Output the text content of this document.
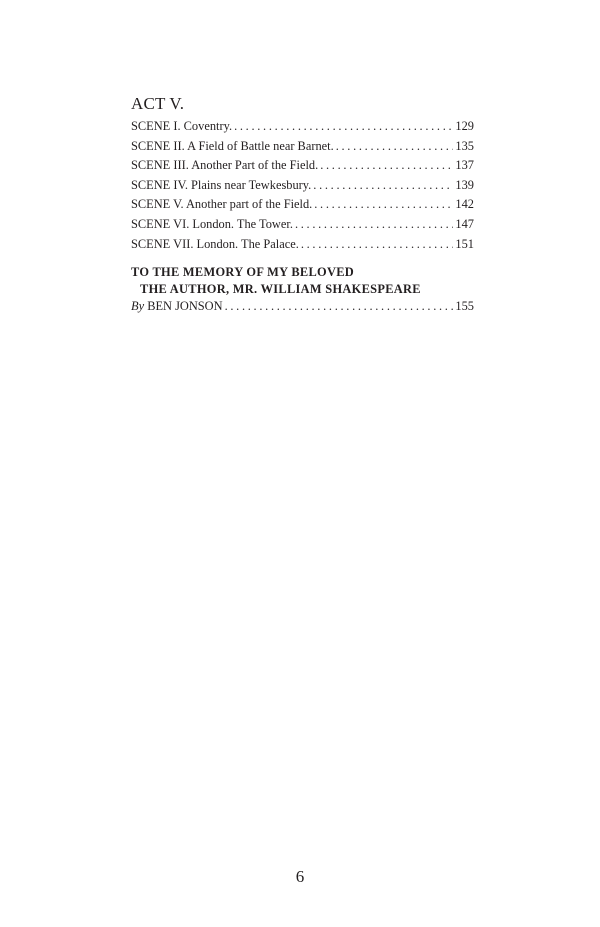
ACT V.
SCENE I. Coventry. . . .	129
SCENE II. A Field of Battle near Barnet. . . .	135
SCENE III. Another Part of the Field. . . .	137
SCENE IV. Plains near Tewkesbury. . . .	139
SCENE V. Another part of the Field. . . .	142
SCENE VI. London. The Tower. . . .	147
SCENE VII. London. The Palace. . . .	151
TO THE MEMORY OF MY BELOVED
THE AUTHOR, MR. WILLIAM SHAKESPEARE
By BEN JONSON . . .	155
6
